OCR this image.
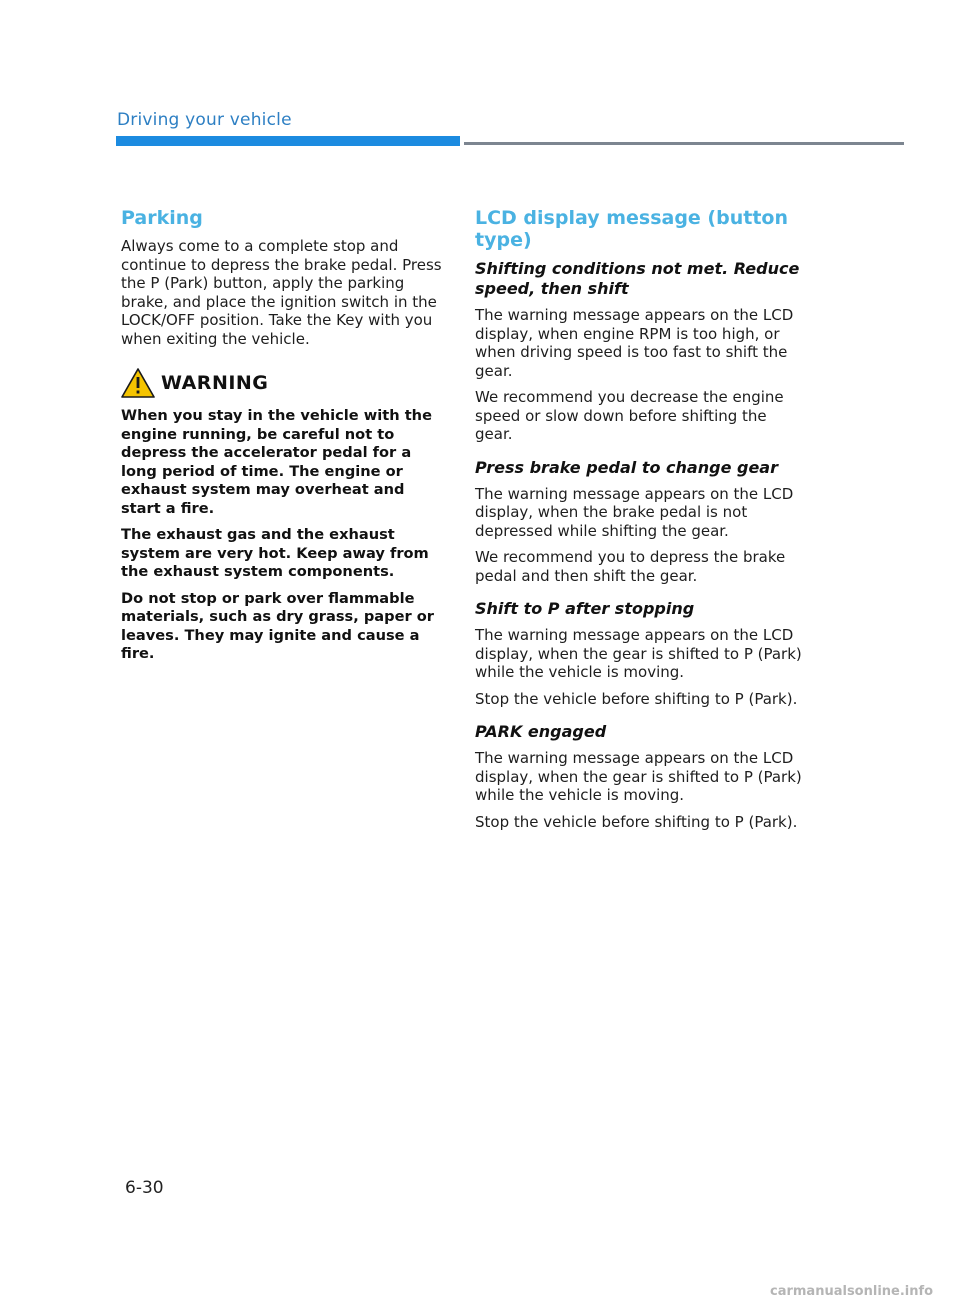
Driving your vehicle
Parking

Always come to a complete stop and continue to depress the brake pedal. Press the P (Park) button, apply the parking brake, and place the ignition switch in the LOCK/OFF position. Take the Key with you when exiting the vehicle.

WARNING

When you stay in the vehicle with the engine running, be careful not to depress the accelerator pedal for a long period of time. The engine or exhaust system may overheat and start a fire.

The exhaust gas and the exhaust system are very hot. Keep away from the exhaust system components.

Do not stop or park over flammable materials, such as dry grass, paper or leaves. They may ignite and cause a fire.

LCD display message (button type)
Shifting conditions not met. Reduce speed, then shift

The warning message appears on the LCD display, when engine RPM is too high, or when driving speed is too fast to shift the gear.

We recommend you decrease the engine speed or slow down before shifting the gear.

Press brake pedal to change gear

The warning message appears on the LCD display, when the brake pedal is not depressed while shifting the gear.

We recommend you to depress the brake pedal and then shift the gear.

Shift to P after stopping

The warning message appears on the LCD display, when the gear is shifted to P (Park) while the vehicle is moving.

Stop the vehicle before shifting to P (Park).

PARK engaged

The warning message appears on the LCD display, when the gear is shifted to P (Park) while the vehicle is moving.

Stop the vehicle before shifting to P (Park).

6-30
carmanualsonline.info
